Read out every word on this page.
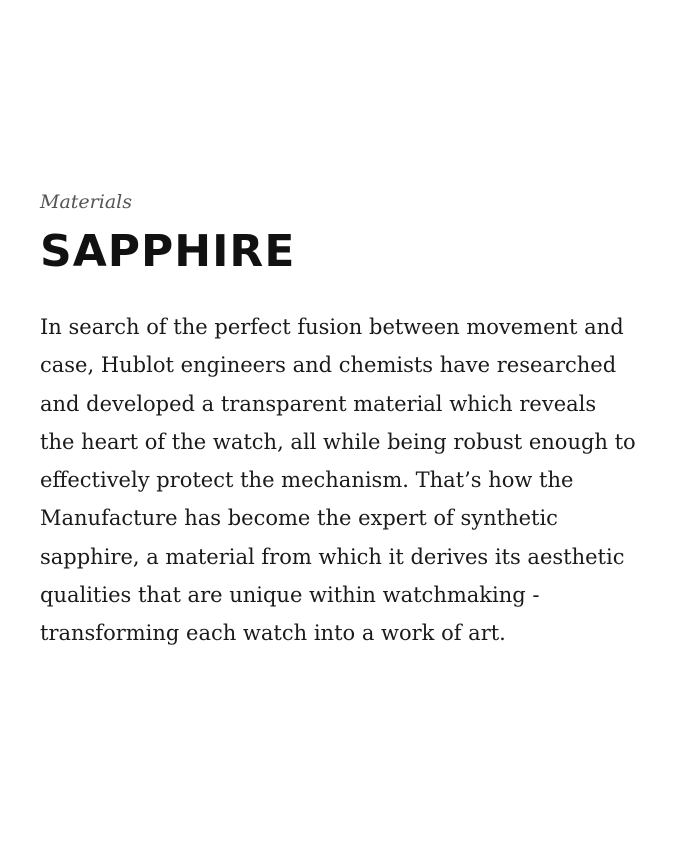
Materials
SAPPHIRE

In search of the perfect fusion between movement and
case, Hublot engineers and chemists have researched
and developed a transparent material which reveals
the heart of the watch, all while being robust enough to
effectively protect the mechanism. That’s how the
Manufacture has become the expert of synthetic
sapphire, a material from which it derives its aesthetic
qualities that are unique within watchmaking -
transforming each watch into a work of art.
